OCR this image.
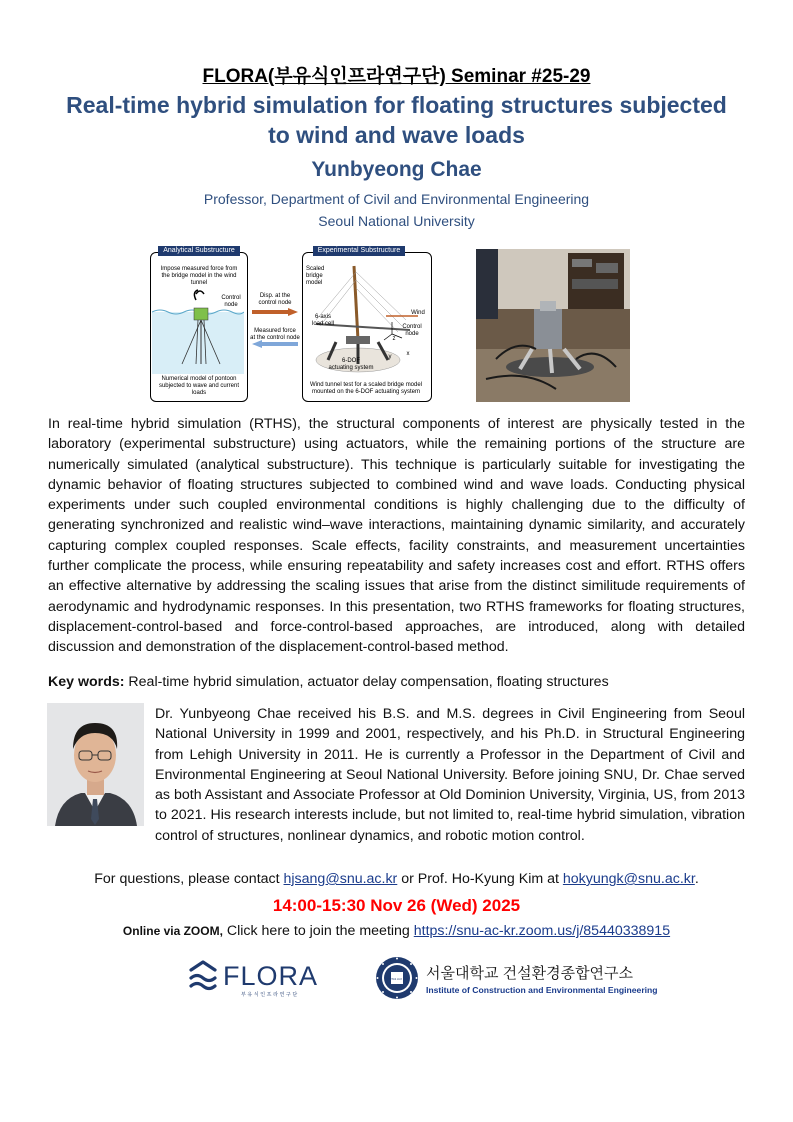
FLORA(부유식인프라연구단) Seminar #25-29
Real-time hybrid simulation for floating structures subjected
to wind and wave loads
Yunbyeong Chae
Professor, Department of Civil and Environmental Engineering
Seoul National University
Analytical Substructure
Impose measured force from
the bridge model in the wind
tunnel
Control
node
Numerical model of pontoon
subjected to wave and current
loads
Disp. at the
control node
Measured force
at the control node
Experimental Substructure
Scaled bridge
model
Wind
6-axis
load cell	Control
node
z
x
y
6-DOF
actuating system
Wind tunnel test for a scaled bridge model
mounted on the 6-DOF actuating system
In real-time hybrid simulation (RTHS), the structural components of interest are physically tested in the laboratory (experimental substructure) using actuators, while the remaining portions of the structure are numerically simulated (analytical substructure). This technique is particularly suitable for investigating the dynamic behavior of floating structures subjected to combined wind and wave loads. Conducting physical experiments under such coupled environmental conditions is highly challenging due to the difficulty of generating synchronized and realistic wind–wave interactions, maintaining dynamic similarity, and accurately capturing complex coupled responses. Scale effects, facility constraints, and measurement uncertainties further complicate the process, while ensuring repeatability and safety increases cost and effort. RTHS offers an effective alternative by addressing the scaling issues that arise from the distinct similitude requirements of aerodynamic and hydrodynamic responses. In this presentation, two RTHS frameworks for floating structures, displacement-control-based and force-control-based approaches, are introduced, along with detailed discussion and demonstration of the displacement-control-based method.
Key words: Real-time hybrid simulation, actuator delay compensation, floating structures
Dr. Yunbyeong Chae received his B.S. and M.S. degrees in Civil Engineering from Seoul National University in 1999 and 2001, respectively, and his Ph.D. in Structural Engineering from Lehigh University in 2011. He is currently a Professor in the Department of Civil and Environmental Engineering at Seoul National University. Before joining SNU, Dr. Chae served as both Assistant and Associate Professor at Old Dominion University, Virginia, US, from 2013 to 2021. His research interests include, but not limited to, real-time hybrid simulation, vibration control of structures, nonlinear dynamics, and robotic motion control.
For questions, please contact hjsang@snu.ac.kr or Prof. Ho-Kyung Kim at hokyungk@snu.ac.kr.
14:00-15:30 Nov 26 (Wed) 2025
Online via ZOOM, Click here to join the meeting https://snu-ac-kr.zoom.us/j/85440338915
FLORA
부 유 식 인 프 라 연 구 단
VERITAS LUX MEA 서울대학교 건설환경종합연구소
Institute of Construction and Environmental Engineering
